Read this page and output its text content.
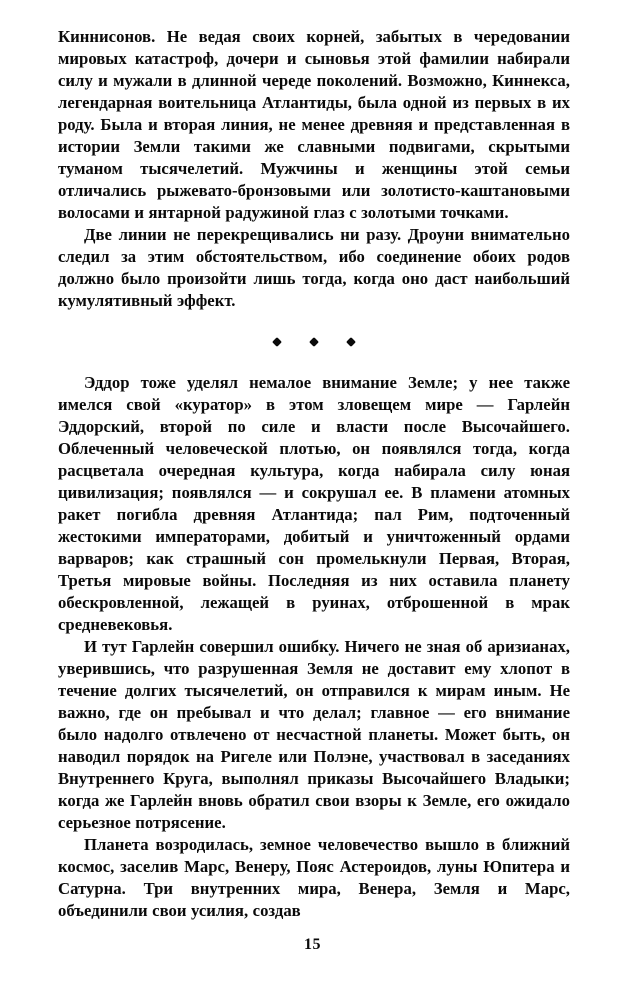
Киннисонов. Не ведая своих корней, забытых в чередовании мировых катастроф, дочери и сыновья этой фамилии набирали силу и мужали в длинной череде поколений. Возможно, Киннекса, легендарная воительница Атлантиды, была одной из первых в их роду. Была и вторая линия, не менее древняя и представленная в истории Земли такими же славными подвигами, скрытыми туманом тысячелетий. Мужчины и женщины этой семьи отличались рыжевато-бронзовыми или золотисто-каштановыми волосами и янтарной радужиной глаз с золотыми точками.

Две линии не перекрещивались ни разу. Дроуни внимательно следил за этим обстоятельством, ибо соединение обоих родов должно было произойти лишь тогда, когда оно даст наибольший кумулятивный эффект.

Эддор тоже уделял немалое внимание Земле; у нее также имелся свой «куратор» в этом зловещем мире — Гарлейн Эддорский, второй по силе и власти после Высочайшего. Облеченный человеческой плотью, он появлялся тогда, когда расцветала очередная культура, когда набирала силу юная цивилизация; появлялся — и сокрушал ее. В пламени атомных ракет погибла древняя Атлантида; пал Рим, подточенный жестокими императорами, добитый и уничтоженный ордами варваров; как страшный сон промелькнули Первая, Вторая, Третья мировые войны. Последняя из них оставила планету обескровленной, лежащей в руинах, отброшенной в мрак средневековья.

И тут Гарлейн совершил ошибку. Ничего не зная об аризианах, уверившись, что разрушенная Земля не доставит ему хлопот в течение долгих тысячелетий, он отправился к мирам иным. Не важно, где он пребывал и что делал; главное — его внимание было надолго отвлечено от несчастной планеты. Может быть, он наводил порядок на Ригеле или Полэне, участвовал в заседаниях Внутреннего Круга, выполнял приказы Высочайшего Владыки; когда же Гарлейн вновь обратил свои взоры к Земле, его ожидало серьезное потрясение.

Планета возродилась, земное человечество вышло в ближний космос, заселив Марс, Венеру, Пояс Астероидов, луны Юпитера и Сатурна. Три внутренних мира, Венера, Земля и Марс, объединили свои усилия, создав

15
